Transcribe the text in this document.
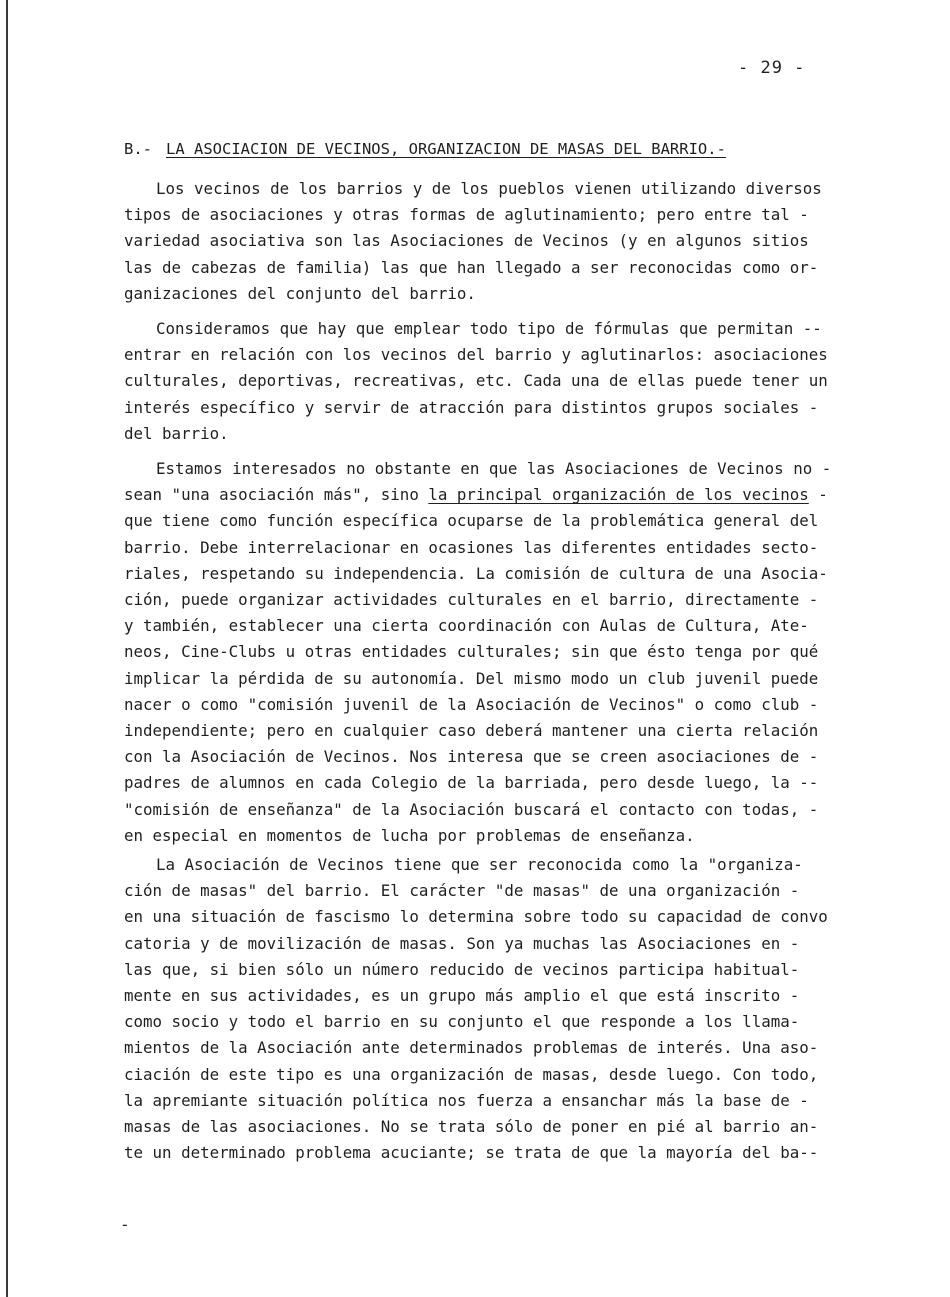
- 29 -
B.- LA ASOCIACION DE VECINOS, ORGANIZACION DE MASAS DEL BARRIO.-
Los vecinos de los barrios y de los pueblos vienen utilizando diversos
tipos de asociaciones y otras formas de aglutinamiento; pero entre tal -
variedad asociativa son las Asociaciones de Vecinos (y en algunos sitios
las de cabezas de familia) las que han llegado a ser reconocidas como or-
ganizaciones del conjunto del barrio.
Consideramos que hay que emplear todo tipo de fórmulas que permitan --
entrar en relación con los vecinos del barrio y aglutinarlos: asociaciones
culturales, deportivas, recreativas, etc. Cada una de ellas puede tener un
interés específico y servir de atracción para distintos grupos sociales -
del barrio.
Estamos interesados no obstante en que las Asociaciones de Vecinos no -
sean "una asociación más", sino la principal organización de los vecinos -
que tiene como función específica ocuparse de la problemática general del
barrio. Debe interrelacionar en ocasiones las diferentes entidades secto-
riales, respetando su independencia. La comisión de cultura de una Asocia-
ción, puede organizar actividades culturales en el barrio, directamente -
y también, establecer una cierta coordinación con Aulas de Cultura, Ate-
neos, Cine-Clubs u otras entidades culturales; sin que ésto tenga por qué
implicar la pérdida de su autonomía. Del mismo modo un club juvenil puede
nacer o como "comisión juvenil de la Asociación de Vecinos" o como club -
independiente; pero en cualquier caso deberá mantener una cierta relación
con la Asociación de Vecinos. Nos interesa que se creen asociaciones de -
padres de alumnos en cada Colegio de la barriada, pero desde luego, la --
"comisión de enseñanza" de la Asociación buscará el contacto con todas, -
en especial en momentos de lucha por problemas de enseñanza.
La Asociación de Vecinos tiene que ser reconocida como la "organiza-
ción de masas" del barrio. El carácter "de masas" de una organización -
en una situación de fascismo lo determina sobre todo su capacidad de convo
catoria y de movilización de masas. Son ya muchas las Asociaciones en -
las que, si bien sólo un número reducido de vecinos participa habitual-
mente en sus actividades, es un grupo más amplio el que está inscrito -
como socio y todo el barrio en su conjunto el que responde a los llama-
mientos de la Asociación ante determinados problemas de interés. Una aso-
ciación de este tipo es una organización de masas, desde luego. Con todo,
la apremiante situación política nos fuerza a ensanchar más la base de -
masas de las asociaciones. No se trata sólo de poner en pié al barrio an-
te un determinado problema acuciante; se trata de que la mayoría del ba--
-
